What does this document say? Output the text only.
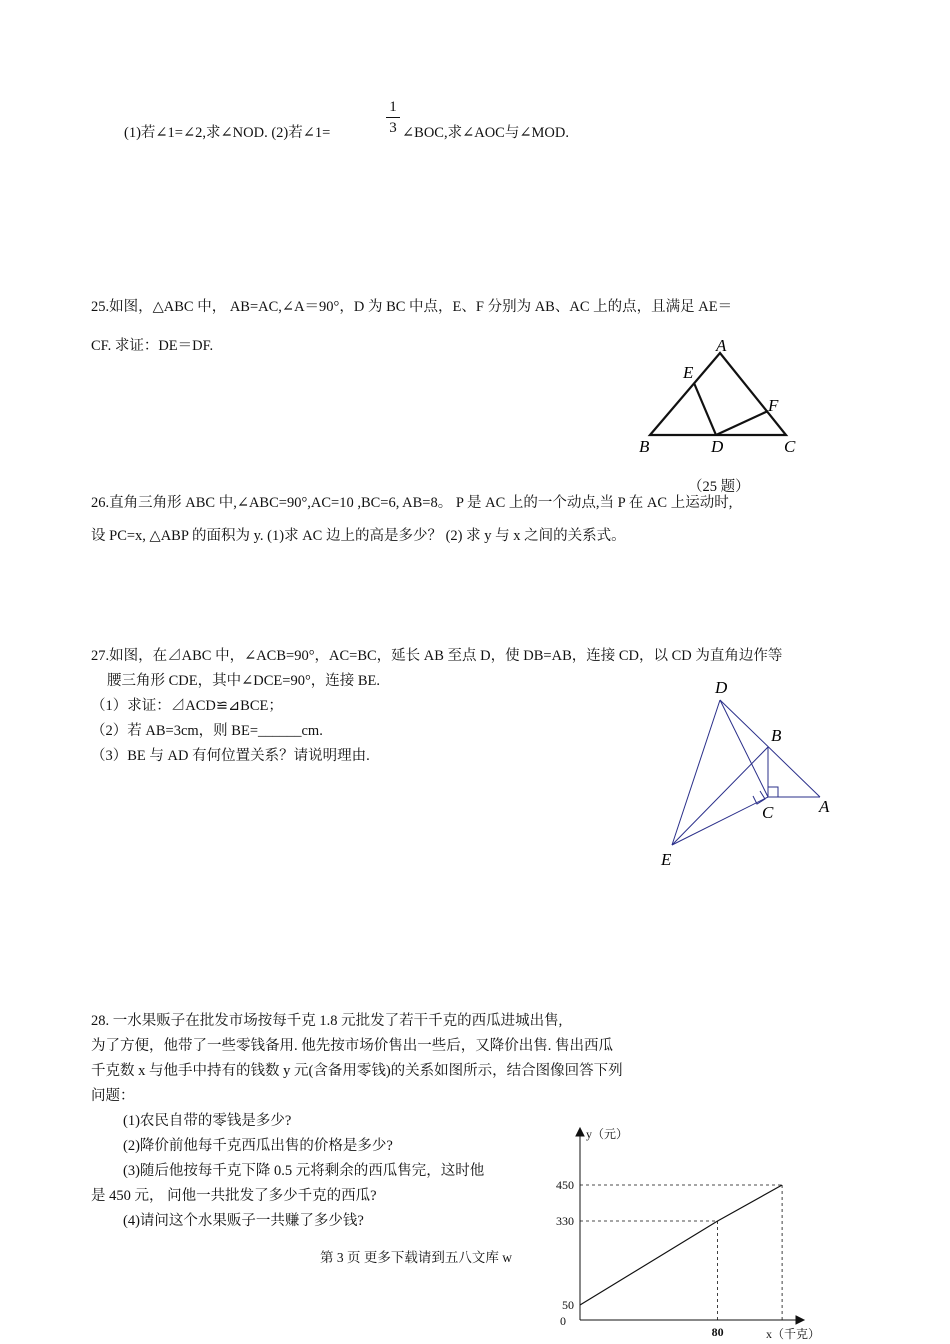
(1)若∠1=∠2,求∠NOD. (2)若∠1=
1
3 ∠BOC,求∠AOC与∠MOD.
25.如图，△ABC 中， AB=AC,∠A＝90°，D 为 BC 中点，E、F 分别为 AB、AC 上的点，且满足 AE＝
CF. 求证：DE＝DF.	A
E
F
B	D	C
（25 题）
26.直角三角形 ABC 中,∠ABC=90°,AC=10 ,BC=6, AB=8。 P 是 AC 上的一个动点,当 P 在 AC 上运动时,
设 PC=x, △ABP 的面积为 y. (1)求 AC 边上的高是多少？ (2) 求 y 与 x 之间的关系式。
27.如图，在⊿ABC 中，∠ACB=90°，AC=BC，延长 AB 至点 D，使 DB=AB，连接 CD，以 CD 为直角边作等
腰三角形 CDE，其中∠DCE=90°，连接 BE.
（1）求证：⊿ACD≌⊿BCE；
（2）若 AB=3cm，则 BE=______cm.
（3）BE 与 AD 有何位置关系？请说明理由.
D
B
A
C
E
28. 一水果贩子在批发市场按每千克 1.8 元批发了若干千克的西瓜进城出售,
为了方便，他带了一些零钱备用. 他先按市场价售出一些后，又降价出售. 售出西瓜
千克数 x 与他手中持有的钱数 y 元(含备用零钱)的关系如图所示，结合图像回答下列
问题：
(1)农民自带的零钱是多少?
(2)降价前他每千克西瓜出售的价格是多少?
(3)随后他按每千克下降 0.5 元将剩余的西瓜售完，这时他
是 450 元， 问他一共批发了多少千克的西瓜?
(4)请问这个水果贩子一共赚了多少钱?
第 3 页 更多下载请到五八文库 w
50
330
450
0
80
y（元）
x（千克）
